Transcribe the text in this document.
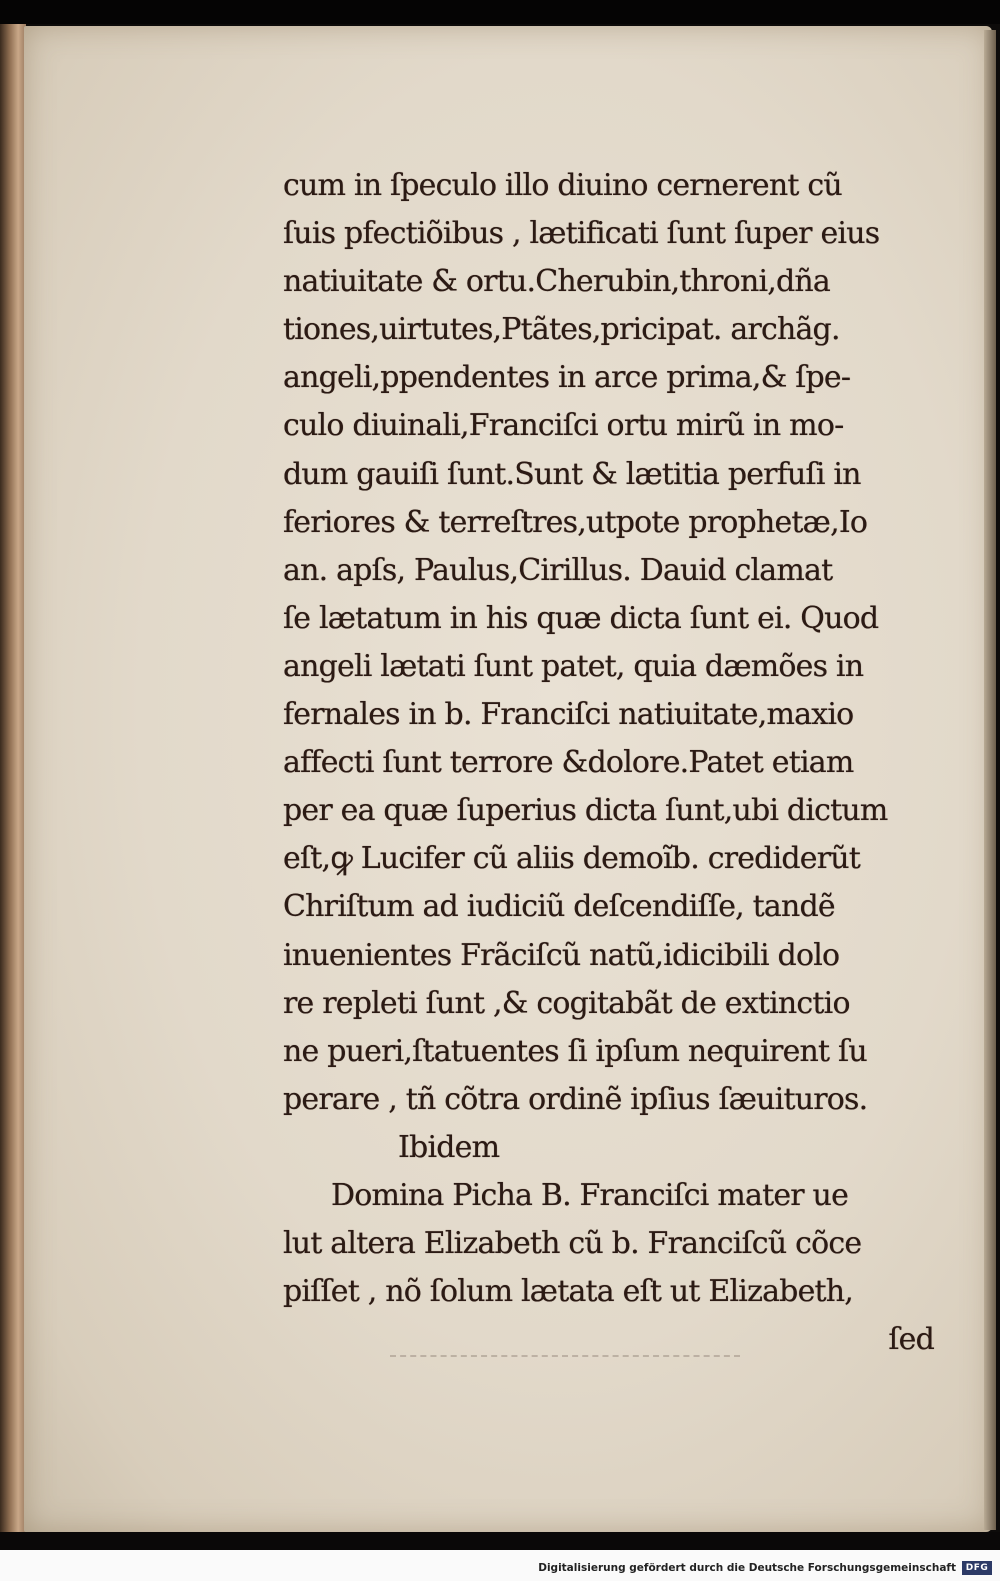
cum in ſpeculo illo diuino cernerent cũ
ſuis pfectiõibus , lætificati ſunt ſuper eius
natiuitate & ortu.Cherubin,throni,dña
tiones,uirtutes,Ptãtes,pricipat. archãg.
angeli,ppendentes in arce prima,& ſpe-
culo diuinali,Franciſci ortu mirũ in mo-
dum gauiſi ſunt.Sunt & lætitia perfuſi in
feriores & terreſtres,utpote prophetæ,Io
an. apſs, Paulus,Cirillus. Dauid clamat
ſe lætatum in his quæ dicta ſunt ei. Quod
angeli lætati ſunt patet, quia dæmões in
fernales in b. Franciſci natiuitate,maxio
affecti ſunt terrore &dolore.Patet etiam
per ea quæ ſuperius dicta ſunt,ubi dictum
eſt,ꝙ Lucifer cũ aliis demoĩb. crediderũt
Chriſtum ad iudiciũ deſcendiſſe, tandẽ
inuenientes Frãciſcũ natũ,idicibili dolo
re repleti ſunt ,& cogitabãt de extinctio
ne pueri,ſtatuentes ſi ipſum nequirent ſu
perare , tñ cõtra ordinẽ ipſius ſæuituros.
Ibidem
Domina Picha B. Franciſci mater ue
lut altera Elizabeth cũ b. Franciſcũ cõce
piſſet , nõ ſolum lætata eſt ut Elizabeth,
ſed
Digitalisierung gefördert durch die Deutsche Forschungsgemeinschaft	DFG
